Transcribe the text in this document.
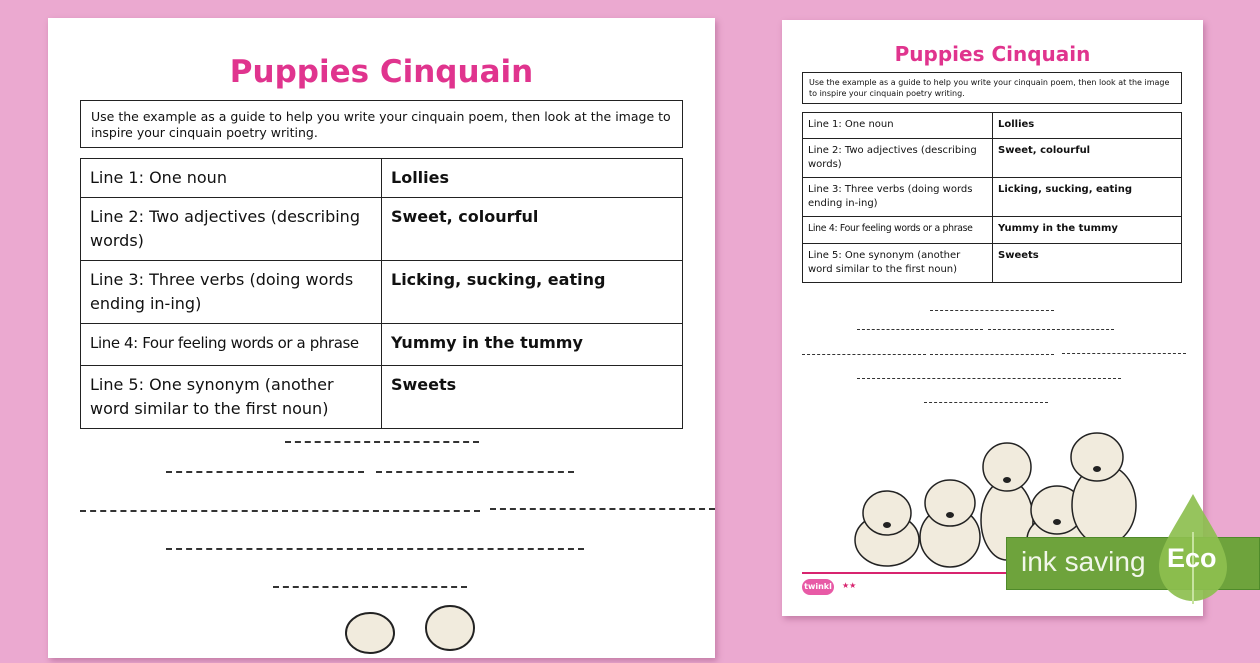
Puppies Cinquain
Use the example as a guide to help you write your cinquain poem, then look at the image to inspire your cinquain poetry writing.
Line 1: One noun	Lollies
Line 2: Two adjectives (describing words)	Sweet, colourful
Line 3: Three verbs (doing words ending in-ing)	Licking, sucking, eating
Line 4: Four feeling words or a phrase	Yummy in the tummy
Line 5: One synonym (another word similar to the first noun)	Sweets
Puppies Cinquain
Use the example as a guide to help you write your cinquain poem, then look at the image to inspire your cinquain poetry writing.
Line 1: One noun	Lollies
Line 2: Two adjectives (describing words)	Sweet, colourful
Line 3: Three verbs (doing words ending in-ing)	Licking, sucking, eating
Line 4: Four feeling words or a phrase	Yummy in the tummy
Line 5: One synonym (another word similar to the first noun)	Sweets
twinkl ★★
ink saving Eco
